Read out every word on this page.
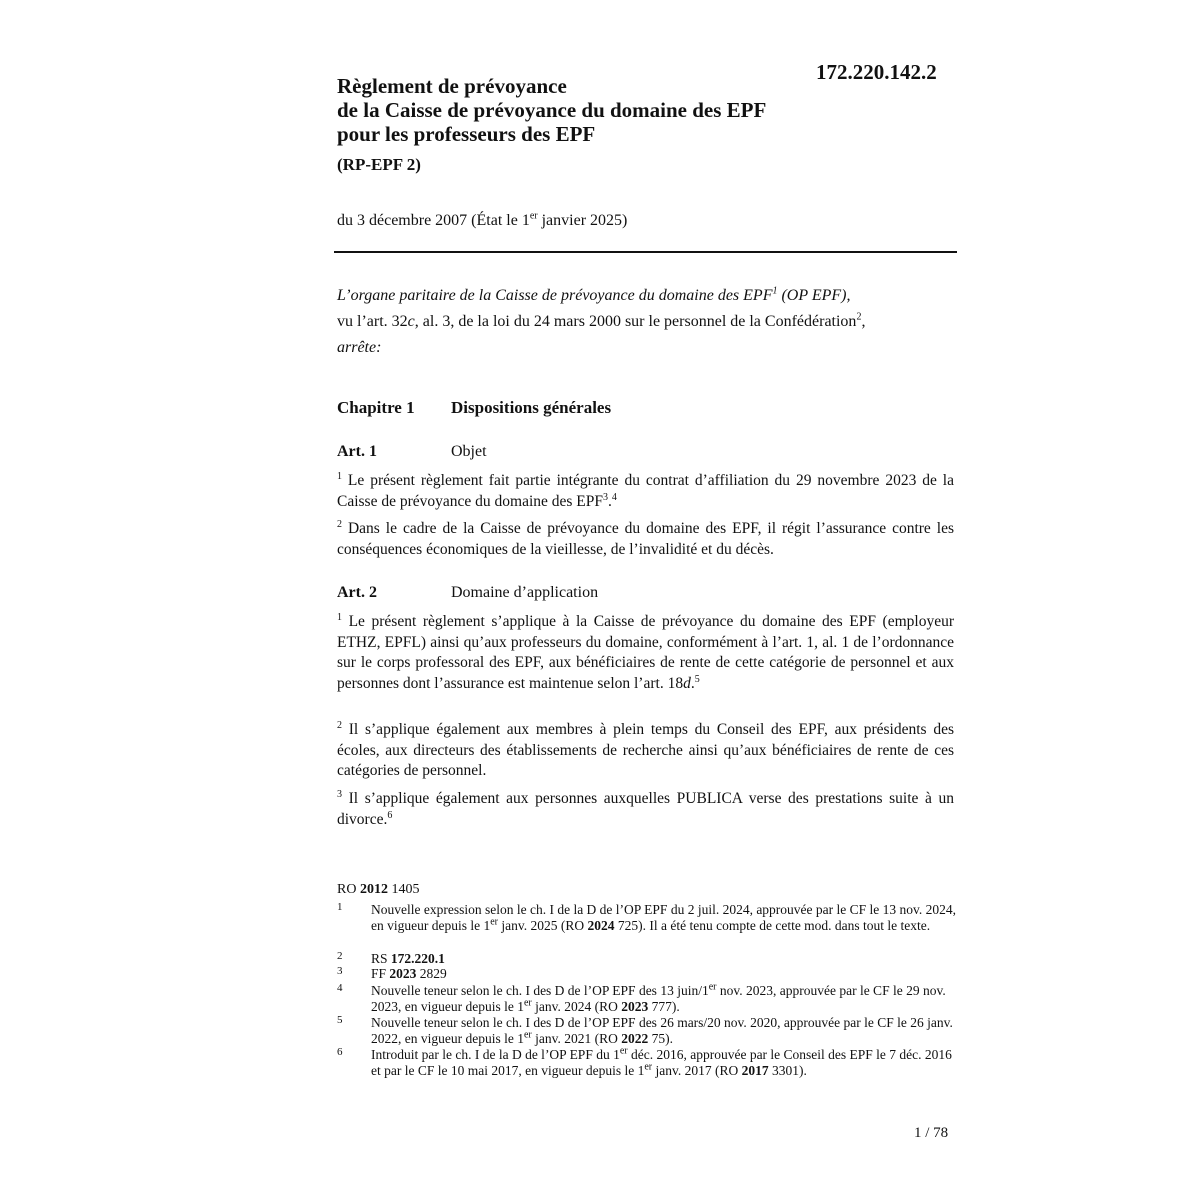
172.220.142.2
Règlement de prévoyance
de la Caisse de prévoyance du domaine des EPF
pour les professeurs des EPF
(RP-EPF 2)
du 3 décembre 2007 (État le 1er janvier 2025)
L’organe paritaire de la Caisse de prévoyance du domaine des EPF$^1$ (OP EPF),
vu l’art. 32c, al. 3, de la loi du 24 mars 2000 sur le personnel de la Confédération$^2$,
arrête:
Chapitre 1 Dispositions générales
Art. 1	Objet
$^1$ Le présent règlement fait partie intégrante du contrat d’affiliation du 29 novembre 2023 de la Caisse de prévoyance du domaine des EPF$^3$.$^4$
$^2$ Dans le cadre de la Caisse de prévoyance du domaine des EPF, il régit l’assurance contre les conséquences économiques de la vieillesse, de l’invalidité et du décès.
Art. 2	Domaine d’application
$^1$ Le présent règlement s’applique à la Caisse de prévoyance du domaine des EPF (employeur ETHZ, EPFL) ainsi qu’aux professeurs du domaine, conformément à l’art. 1, al. 1 de l’ordonnance sur le corps professoral des EPF, aux bénéficiaires de rente de cette catégorie de personnel et aux personnes dont l’assurance est maintenue selon l’art. 18d.$^5$
$^2$ Il s’applique également aux membres à plein temps du Conseil des EPF, aux présidents des écoles, aux directeurs des établissements de recherche ainsi qu’aux bénéficiaires de rente de ces catégories de personnel.
$^3$ Il s’applique également aux personnes auxquelles PUBLICA verse des prestations suite à un divorce.$^6$
RO 2012 1405
1 Nouvelle expression selon le ch. I de la D de l’OP EPF du 2 juil. 2024, approuvée par le CF le 13 nov. 2024, en vigueur depuis le 1er janv. 2025 (RO 2024 725). Il a été tenu compte de cette mod. dans tout le texte.
2 RS 172.220.1
3 FF 2023 2829
4 Nouvelle teneur selon le ch. I des D de l’OP EPF des 13 juin/1er nov. 2023, approuvée par le CF le 29 nov. 2023, en vigueur depuis le 1er janv. 2024 (RO 2023 777).
5 Nouvelle teneur selon le ch. I des D de l’OP EPF des 26 mars/20 nov. 2020, approuvée par le CF le 26 janv. 2022, en vigueur depuis le 1er janv. 2021 (RO 2022 75).
6 Introduit par le ch. I de la D de l’OP EPF du 1er déc. 2016, approuvée par le Conseil des EPF le 7 déc. 2016 et par le CF le 10 mai 2017, en vigueur depuis le 1er janv. 2017 (RO 2017 3301).
1 / 78
